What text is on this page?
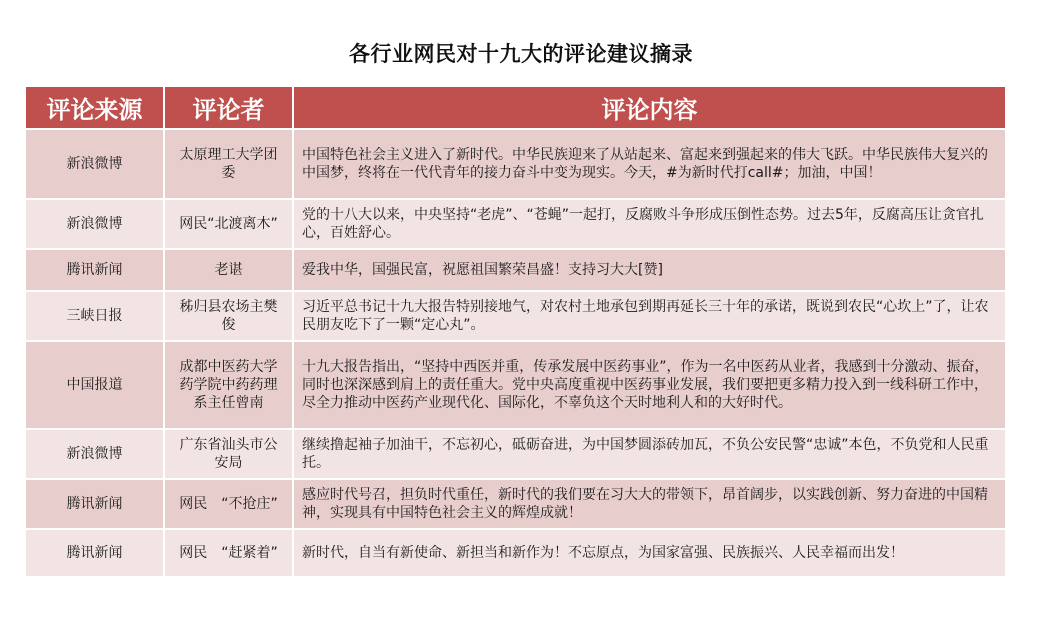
各行业网民对十九大的评论建议摘录
评论来源	评论者	评论内容
新浪微博	太原理工大学团委	中国特色社会主义进入了新时代。中华民族迎来了从站起来、富起来到强起来的伟大飞跃。中华民族伟大复兴的中国梦，终将在一代代青年的接力奋斗中变为现实。今天，#为新时代打call#；加油，中国！
新浪微博	网民“北渡离木”	党的十八大以来，中央坚持“老虎”、“苍蝇”一起打，反腐败斗争形成压倒性态势。过去5年，反腐高压让贪官扎心，百姓舒心。
腾讯新闻	老谌	爱我中华，国强民富，祝愿祖国繁荣昌盛！支持习大大[赞]
三峡日报	秭归县农场主樊俊	习近平总书记十九大报告特别接地气，对农村土地承包到期再延长三十年的承诺，既说到农民“心坎上”了，让农民朋友吃下了一颗“定心丸”。
中国报道	成都中医药大学药学院中药药理系主任曾南	十九大报告指出，“坚持中西医并重，传承发展中医药事业”，作为一名中医药从业者，我感到十分激动、振奋，同时也深深感到肩上的责任重大。党中央高度重视中医药事业发展，我们要把更多精力投入到一线科研工作中，尽全力推动中医药产业现代化、国际化，不辜负这个天时地利人和的大好时代。
新浪微博	广东省汕头市公安局	继续撸起袖子加油干，不忘初心，砥砺奋进，为中国梦圆添砖加瓦，不负公安民警“忠诚”本色，不负党和人民重托。
腾讯新闻	网民　“不抢庄”	感应时代号召，担负时代重任，新时代的我们要在习大大的带领下，昂首阔步，以实践创新、努力奋进的中国精神，实现具有中国特色社会主义的辉煌成就！
腾讯新闻	网民　“赶紧着”	新时代，自当有新使命、新担当和新作为！不忘原点，为国家富强、民族振兴、人民幸福而出发！
